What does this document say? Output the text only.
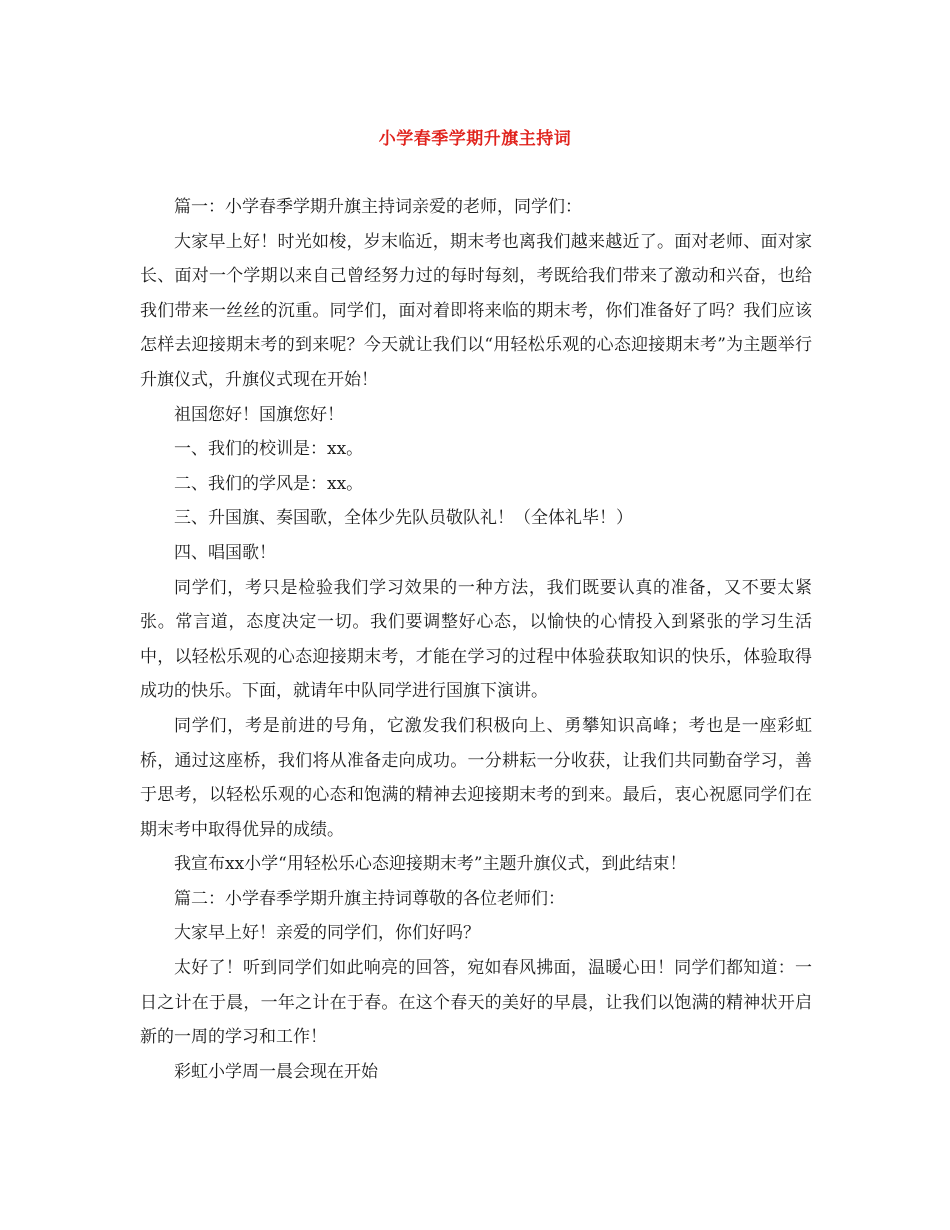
小学春季学期升旗主持词

篇一：小学春季学期升旗主持词亲爱的老师，同学们：

大家早上好！时光如梭，岁末临近，期末考也离我们越来越近了。面对老师、面对家长、面对一个学期以来自己曾经努力过的每时每刻，考既给我们带来了激动和兴奋，也给我们带来一丝丝的沉重。同学们，面对着即将来临的期末考，你们准备好了吗？我们应该怎样去迎接期末考的到来呢？今天就让我们以“用轻松乐观的心态迎接期末考”为主题举行升旗仪式，升旗仪式现在开始！

祖国您好！国旗您好！

一、我们的校训是：xx。

二、我们的学风是：xx。

三、升国旗、奏国歌，全体少先队员敬队礼！（全体礼毕！）

四、唱国歌！

同学们，考只是检验我们学习效果的一种方法，我们既要认真的准备，又不要太紧张。常言道，态度决定一切。我们要调整好心态，以愉快的心情投入到紧张的学习生活中，以轻松乐观的心态迎接期末考，才能在学习的过程中体验获取知识的快乐，体验取得成功的快乐。下面，就请年中队同学进行国旗下演讲。

同学们，考是前进的号角，它激发我们积极向上、勇攀知识高峰；考也是一座彩虹桥，通过这座桥，我们将从准备走向成功。一分耕耘一分收获，让我们共同勤奋学习，善于思考，以轻松乐观的心态和饱满的精神去迎接期末考的到来。最后，衷心祝愿同学们在期末考中取得优异的成绩。

我宣布xx小学“用轻松乐心态迎接期末考”主题升旗仪式，到此结束！

篇二：小学春季学期升旗主持词尊敬的各位老师们：

大家早上好！亲爱的同学们，你们好吗？

太好了！听到同学们如此响亮的回答，宛如春风拂面，温暖心田！同学们都知道：一日之计在于晨，一年之计在于春。在这个春天的美好的早晨，让我们以饱满的精神状开启新的一周的学习和工作！

彩虹小学周一晨会现在开始
